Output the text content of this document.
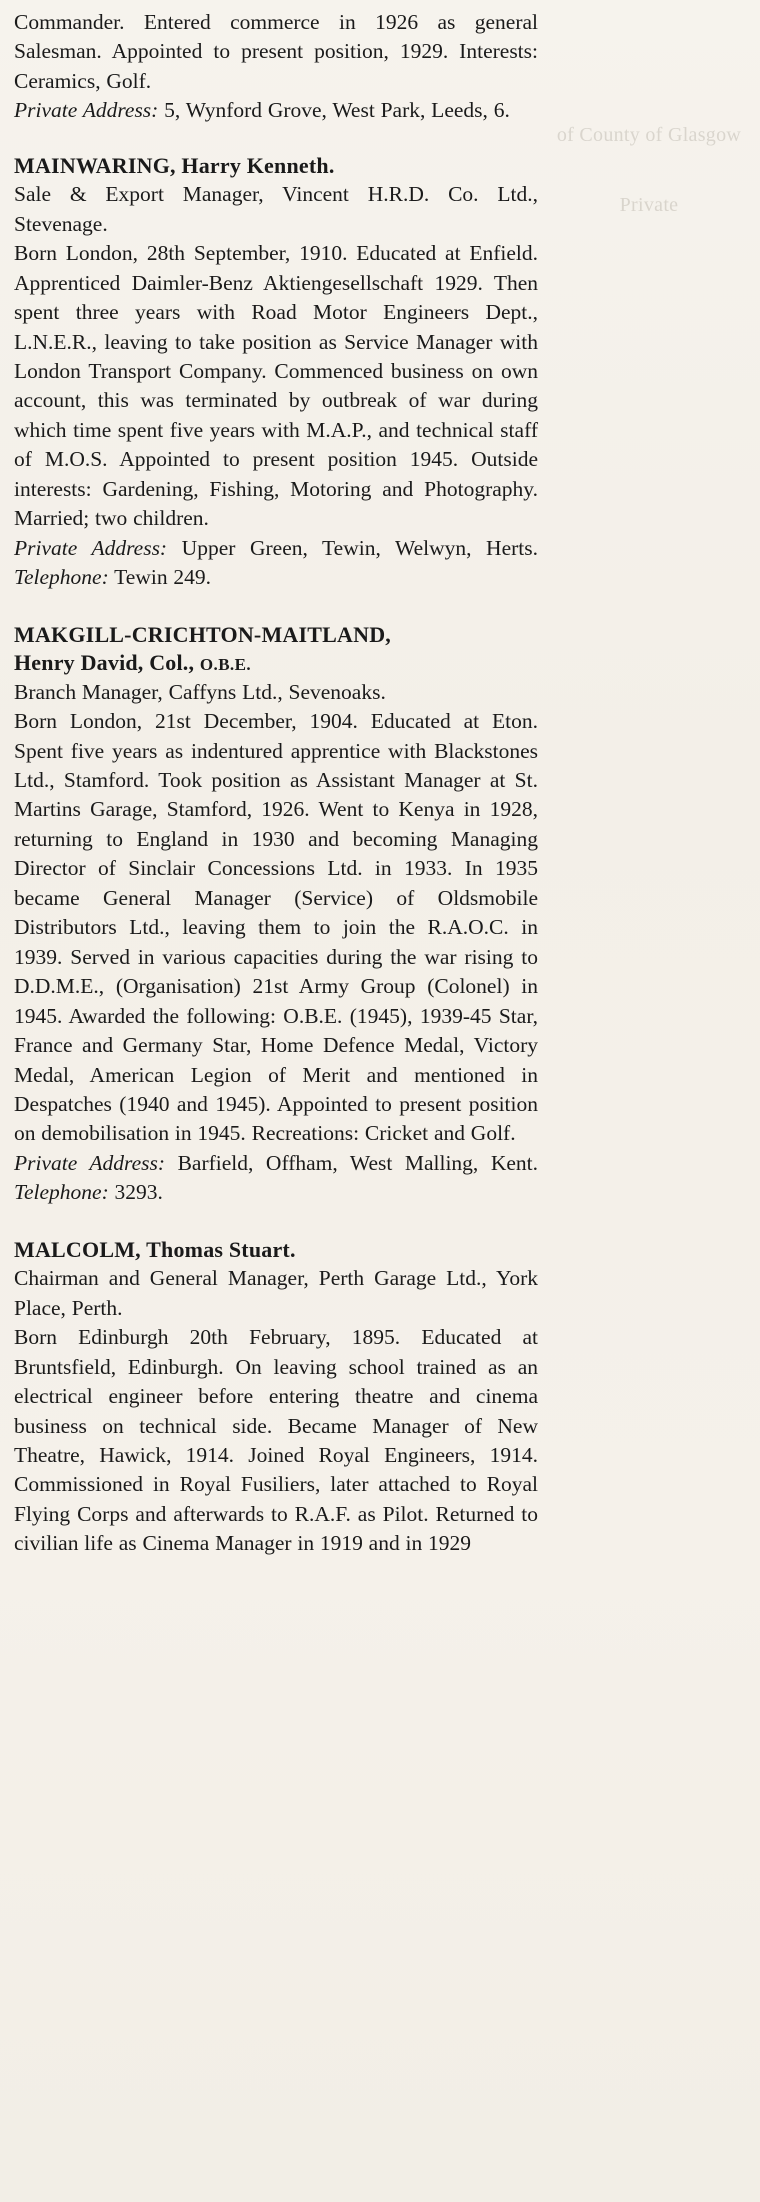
of County of Glasgow
Private

Commander. Entered commerce in 1926 as general Salesman. Appointed to present position, 1929. Interests: Ceramics, Golf.

Private Address: 5, Wynford Grove, West Park, Leeds, 6.

MAINWARING, Harry Kenneth.

Sale & Export Manager, Vincent H.R.D. Co. Ltd., Stevenage.

Born London, 28th September, 1910. Educated at Enfield. Apprenticed Daimler-Benz Aktiengesellschaft 1929. Then spent three years with Road Motor Engineers Dept., L.N.E.R., leaving to take position as Service Manager with London Transport Company. Commenced business on own account, this was terminated by outbreak of war during which time spent five years with M.A.P., and technical staff of M.O.S. Appointed to present position 1945. Outside interests: Gardening, Fishing, Motoring and Photography. Married; two children.

Private Address: Upper Green, Tewin, Welwyn, Herts. Telephone: Tewin 249.

MAKGILL-CRICHTON-MAITLAND,
Henry David, Col., O.B.E.

Branch Manager, Caffyns Ltd., Sevenoaks.

Born London, 21st December, 1904. Educated at Eton. Spent five years as indentured apprentice with Blackstones Ltd., Stamford. Took position as Assistant Manager at St. Martins Garage, Stamford, 1926. Went to Kenya in 1928, returning to England in 1930 and becoming Managing Director of Sinclair Concessions Ltd. in 1933. In 1935 became General Manager (Service) of Oldsmobile Distributors Ltd., leaving them to join the R.A.O.C. in 1939. Served in various capacities during the war rising to D.D.M.E., (Organisation) 21st Army Group (Colonel) in 1945. Awarded the following: O.B.E. (1945), 1939-45 Star, France and Germany Star, Home Defence Medal, Victory Medal, American Legion of Merit and mentioned in Despatches (1940 and 1945). Appointed to present position on demobilisation in 1945. Recreations: Cricket and Golf.

Private Address: Barfield, Offham, West Malling, Kent. Telephone: 3293.

MALCOLM, Thomas Stuart.

Chairman and General Manager, Perth Garage Ltd., York Place, Perth.

Born Edinburgh 20th February, 1895. Educated at Bruntsfield, Edinburgh. On leaving school trained as an electrical engineer before entering theatre and cinema business on technical side. Became Manager of New Theatre, Hawick, 1914. Joined Royal Engineers, 1914. Commissioned in Royal Fusiliers, later attached to Royal Flying Corps and afterwards to R.A.F. as Pilot. Returned to civilian life as Cinema Manager in 1919 and in 1929
